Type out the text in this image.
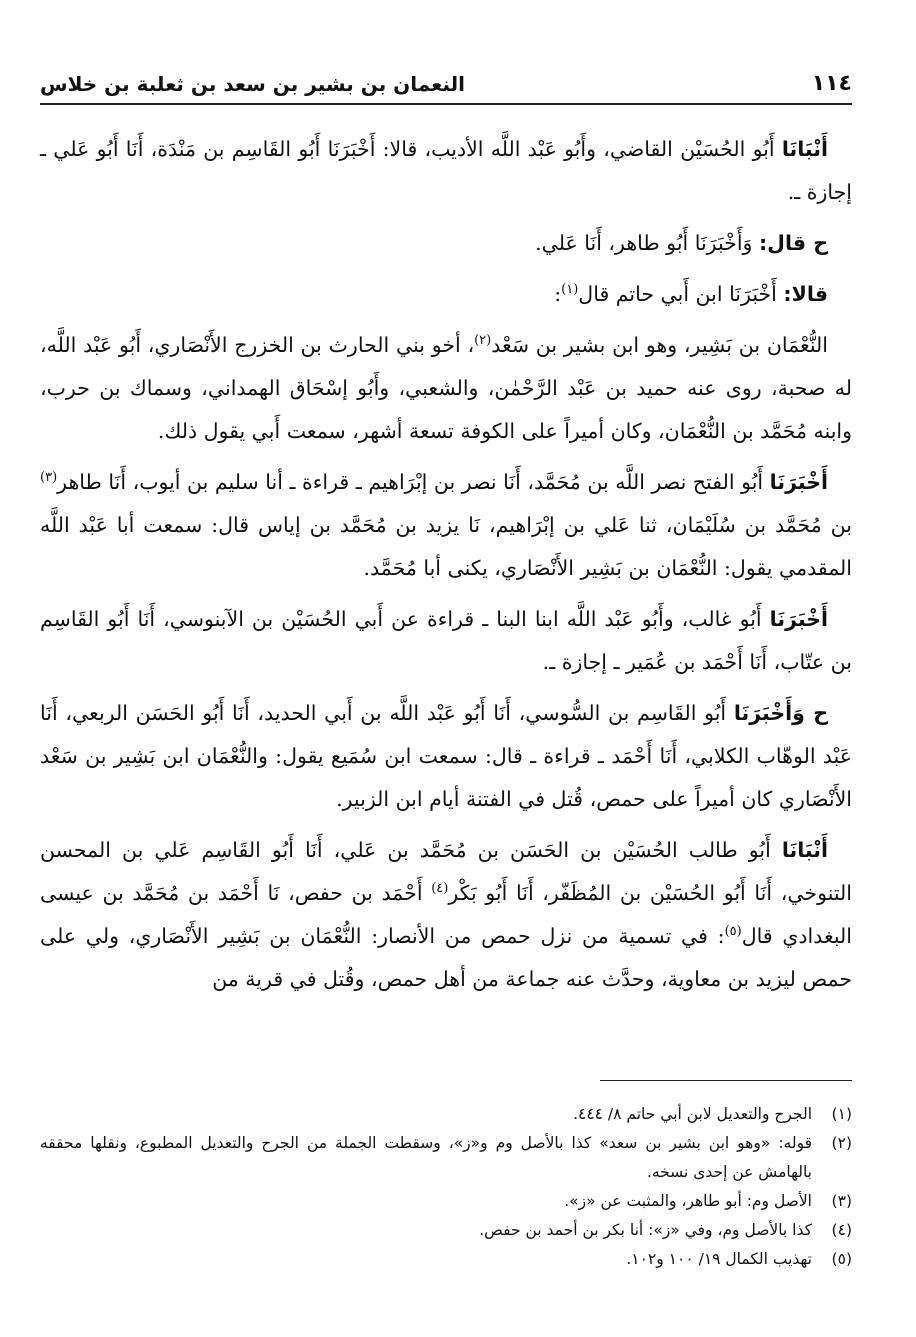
١١٤
النعمان بن بشير بن سعد بن ثعلبة بن خلاس

أَنْبَانَا أَبُو الحُسَيْن القاضي، وأَبُو عَبْد اللَّه الأديب، قالا: أَخْبَرَنَا أَبُو القَاسِم بن مَنْدَة، أَنَا أَبُو عَلي ـ إجازة ـ.

ح قال: وَأَخْبَرَنَا أَبُو طاهر، أَنَا عَلي.

قالا: أَخْبَرَنَا ابن أَبي حاتم قال$^{(١)}$:

النُّعْمَان بن بَشِير، وهو ابن بشير بن سَعْد$^{(٢)}$، أخو بني الحارث بن الخزرج الأَنْصَاري، أَبُو عَبْد اللَّه، له صحبة، روى عنه حميد بن عَبْد الرَّحْمٰن، والشعبي، وأَبُو إسْحَاق الهمداني، وسماك بن حرب، وابنه مُحَمَّد بن النُّعْمَان، وكان أميراً على الكوفة تسعة أشهر، سمعت أَبي يقول ذلك.

أَخْبَرَنَا أَبُو الفتح نصر اللَّه بن مُحَمَّد، أَنَا نصر بن إبْرَاهيم ـ قراءة ـ أنا سليم بن أيوب، أَنَا طاهر$^{(٣)}$ بن مُحَمَّد بن سُلَيْمَان، ثنا عَلي بن إبْرَاهيم، نَا يزيد بن مُحَمَّد بن إياس قال: سمعت أبا عَبْد اللَّه المقدمي يقول: النُّعْمَان بن بَشِير الأَنْصَاري، يكنى أبا مُحَمَّد.

أَخْبَرَنَا أَبُو غالب، وأَبُو عَبْد اللَّه ابنا البنا ـ قراءة عن أَبي الحُسَيْن بن الآبنوسي، أَنَا أَبُو القَاسِم بن عتّاب، أَنَا أَحْمَد بن عُمَير ـ إجازة ـ.

ح وَأَخْبَرَنَا أَبُو القَاسِم بن السُّوسي، أَنَا أَبُو عَبْد اللَّه بن أَبي الحديد، أَنَا أَبُو الحَسَن الربعي، أَنَا عَبْد الوهّاب الكلابي، أَنَا أَحْمَد ـ قراءة ـ قال: سمعت ابن سُمَيع يقول: والنُّعْمَان ابن بَشِير بن سَعْد الأَنْصَاري كان أميراً على حمص، قُتل في الفتنة أيام ابن الزبير.

أَنْبَانَا أَبُو طالب الحُسَيْن بن الحَسَن بن مُحَمَّد بن عَلي، أَنَا أَبُو القَاسِم عَلي بن المحسن التنوخي، أَنَا أَبُو الحُسَيْن بن المُظَفّر، أَنَا أَبُو بَكْر$^{(٤)}$ أَحْمَد بن حفص، نَا أَحْمَد بن مُحَمَّد بن عيسى البغدادي قال$^{(٥)}$: في تسمية من نزل حمص من الأنصار: النُّعْمَان بن بَشِير الأَنْصَاري، ولي على حمص ليزيد بن معاوية، وحدَّث عنه جماعة من أهل حمص، وقُتل في قرية من

(١)
الجرح والتعديل لابن أبي حاتم ٨/ ٤٤٤.
(٢)
قوله: «وهو ابن بشير بن سعد» كذا بالأصل وم و«ز»، وسقطت الجملة من الجرح والتعديل المطبوع، ونقلها محققه بالهامش عن إحدى نسخه.
(٣)
الأصل وم: أبو طاهر، والمثبت عن «ز».
(٤)
كذا بالأصل وم، وفي «ز»: أنا بكر بن أحمد بن حفص.
(٥)
تهذيب الكمال ١٩/ ١٠٠ و١٠٢.
